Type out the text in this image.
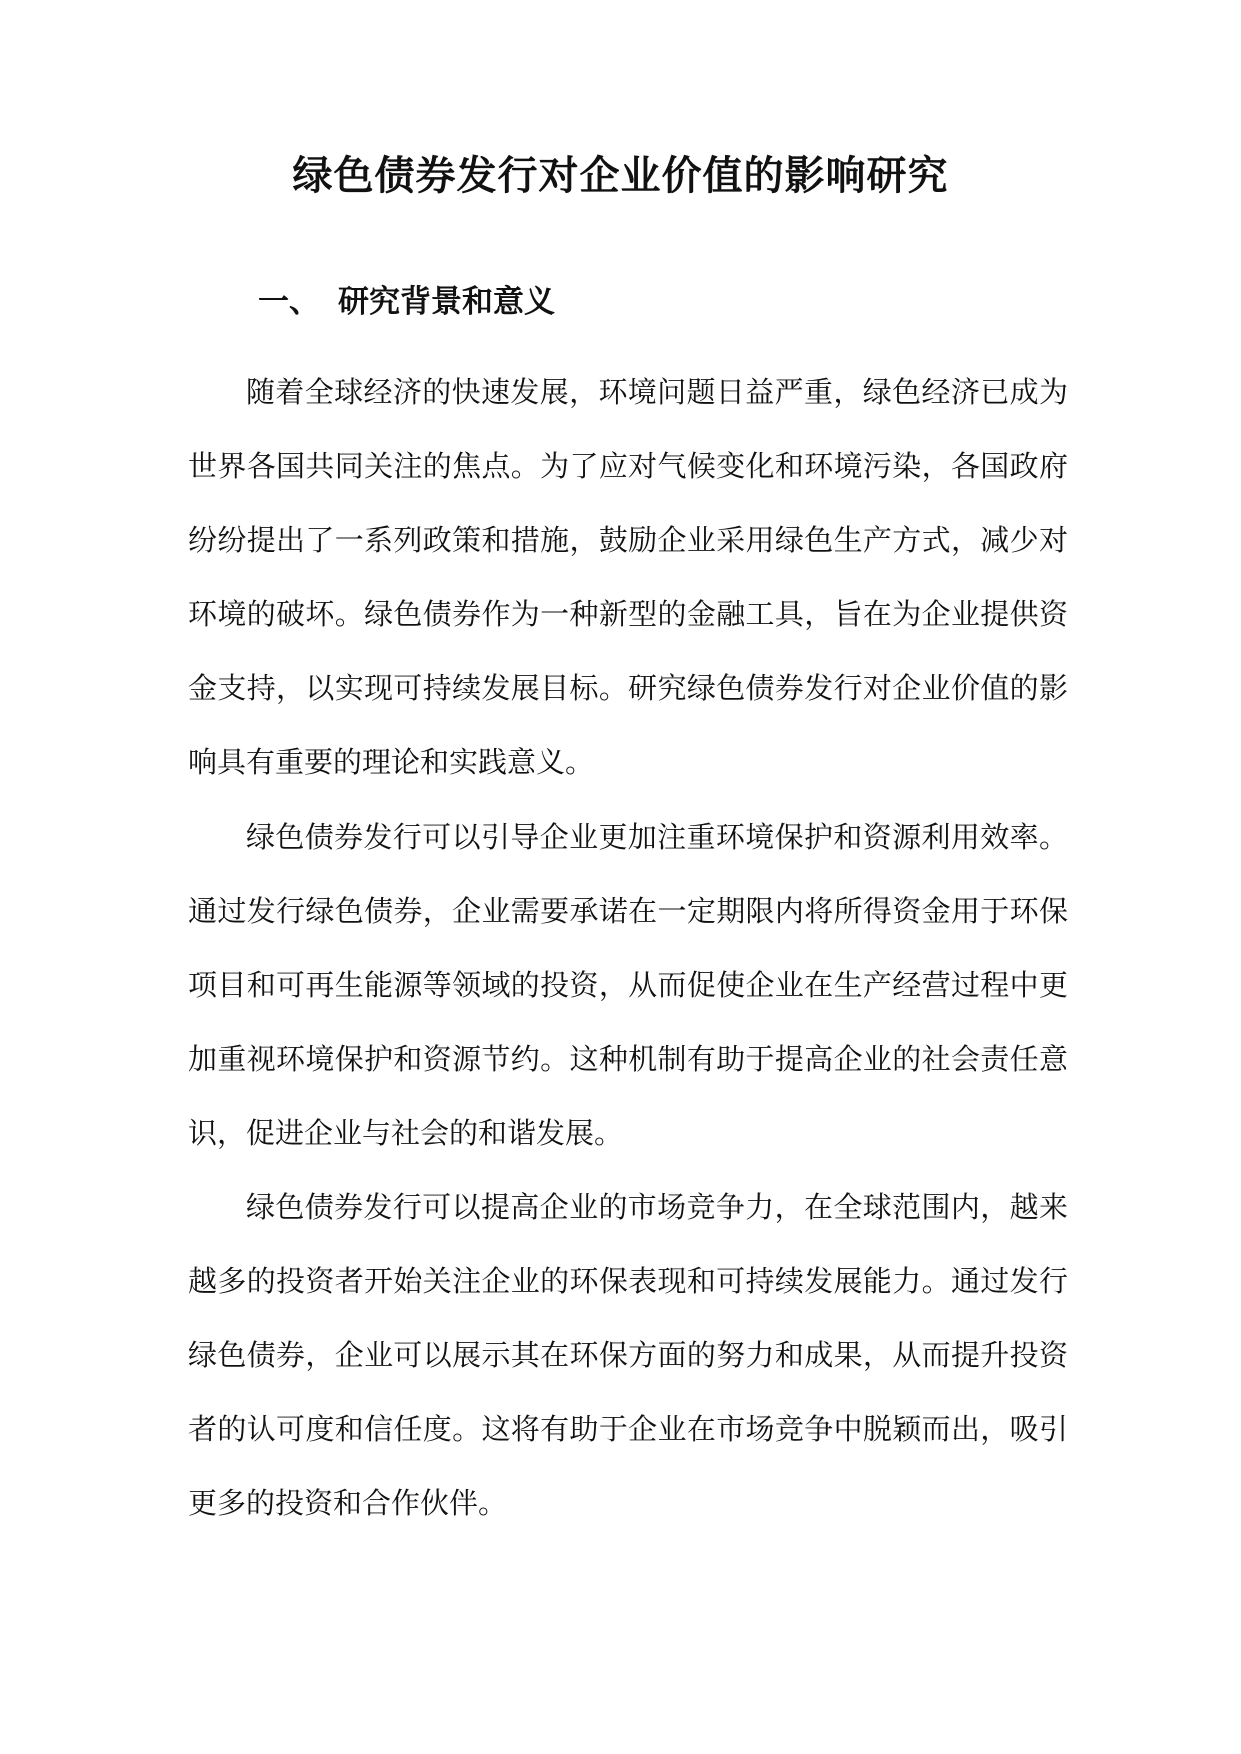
绿色债券发行对企业价值的影响研究
一、 研究背景和意义

随着全球经济的快速发展，环境问题日益严重，绿色经济已成为世界各国共同关注的焦点。为了应对气候变化和环境污染，各国政府纷纷提出了一系列政策和措施，鼓励企业采用绿色生产方式，减少对环境的破坏。绿色债券作为一种新型的金融工具，旨在为企业提供资金支持，以实现可持续发展目标。研究绿色债券发行对企业价值的影响具有重要的理论和实践意义。

绿色债券发行可以引导企业更加注重环境保护和资源利用效率。通过发行绿色债券，企业需要承诺在一定期限内将所得资金用于环保项目和可再生能源等领域的投资，从而促使企业在生产经营过程中更加重视环境保护和资源节约。这种机制有助于提高企业的社会责任意识，促进企业与社会的和谐发展。

绿色债券发行可以提高企业的市场竞争力，在全球范围内，越来越多的投资者开始关注企业的环保表现和可持续发展能力。通过发行绿色债券，企业可以展示其在环保方面的努力和成果，从而提升投资者的认可度和信任度。这将有助于企业在市场竞争中脱颖而出，吸引更多的投资和合作伙伴。
